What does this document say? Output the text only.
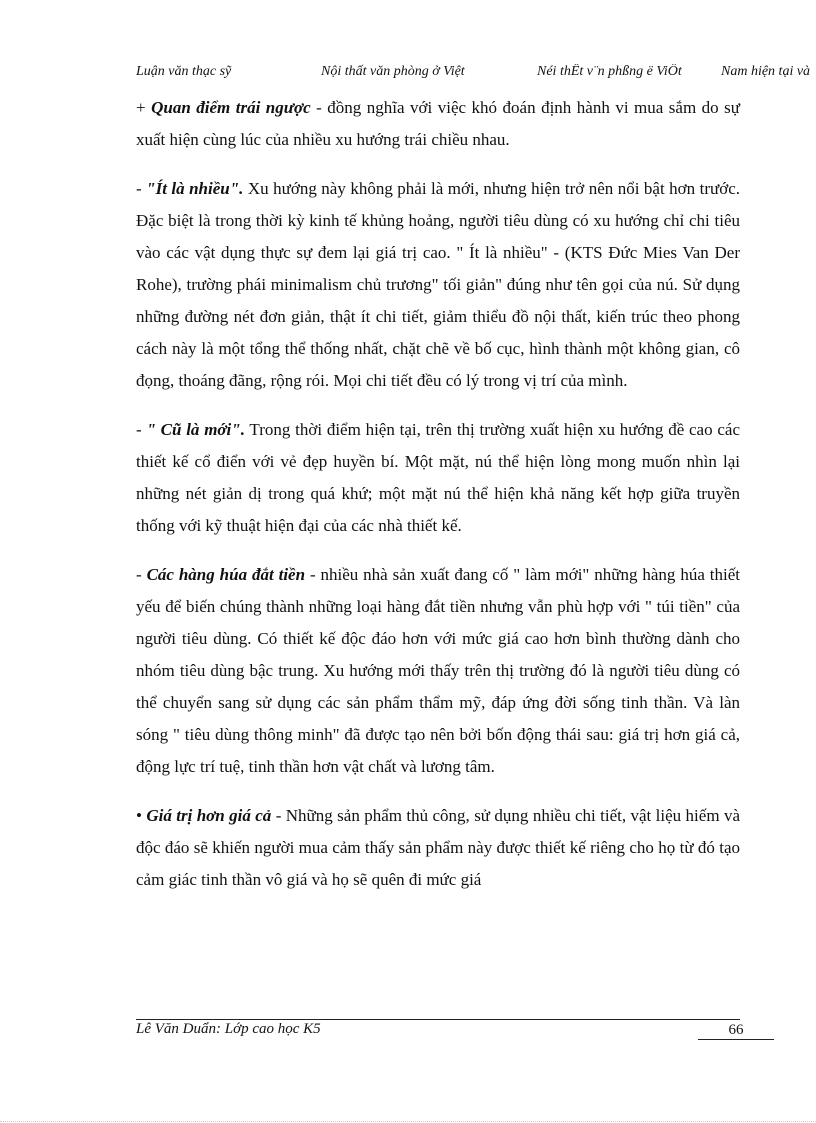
Luận văn thạc sỹ	Nội thất văn phòng ở Việt	Néi thÊt v¨n phßng ë ViÖt	Nam hiện tại và

+ Quan điểm trái ngược - đồng nghĩa với việc khó đoán định hành vi mua sắm do sự xuất hiện cùng lúc của nhiều xu hướng trái chiều nhau.

- "Ít là nhiều". Xu hướng này không phải là mới, nhưng hiện trở nên nổi bật hơn trước. Đặc biệt là trong thời kỳ kinh tế khủng hoảng, người tiêu dùng có xu hướng chỉ chi tiêu vào các vật dụng thực sự đem lại giá trị cao. " Ít là nhiều" - (KTS Đức Mies Van Der Rohe), trường phái minimalism chủ trương" tối giản" đúng như tên gọi của nú. Sử dụng những đường nét đơn giản, thật ít chi tiết, giảm thiểu đồ nội thất, kiến trúc theo phong cách này là một tổng thể thống nhất, chặt chẽ về bố cục, hình thành một không gian, cô đọng, thoáng đãng, rộng rói. Mọi chi tiết đều có lý trong vị trí của mình.

- " Cũ là mới". Trong thời điểm hiện tại, trên thị trường xuất hiện xu hướng đề cao các thiết kế cổ điển với vẻ đẹp huyền bí. Một mặt, nú thể hiện lòng mong muốn nhìn lại những nét giản dị trong quá khứ; một mặt nú thể hiện khả năng kết hợp giữa truyền thống với kỹ thuật hiện đại của các nhà thiết kế.

- Các hàng húa đắt tiền - nhiều nhà sản xuất đang cố " làm mới" những hàng húa thiết yếu để biến chúng thành những loại hàng đắt tiền nhưng vẫn phù hợp với " túi tiền" của người tiêu dùng. Có thiết kế độc đáo hơn với mức giá cao hơn bình thường dành cho nhóm tiêu dùng bậc trung. Xu hướng mới thấy trên thị trường đó là người tiêu dùng có thể chuyển sang sử dụng các sản phẩm thẩm mỹ, đáp ứng đời sống tinh thần. Và làn sóng " tiêu dùng thông minh" đã được tạo nên bởi bốn động thái sau: giá trị hơn giá cả, động lực trí tuệ, tinh thần hơn vật chất và lương tâm.

• Giá trị hơn giá cả - Những sản phẩm thủ công, sử dụng nhiều chi tiết, vật liệu hiếm và độc đáo sẽ khiến người mua cảm thấy sản phẩm này được thiết kế riêng cho họ từ đó tạo cảm giác tinh thần vô giá và họ sẽ quên đi mức giá

Lê Văn Duẩn: Lớp cao học K5	66
